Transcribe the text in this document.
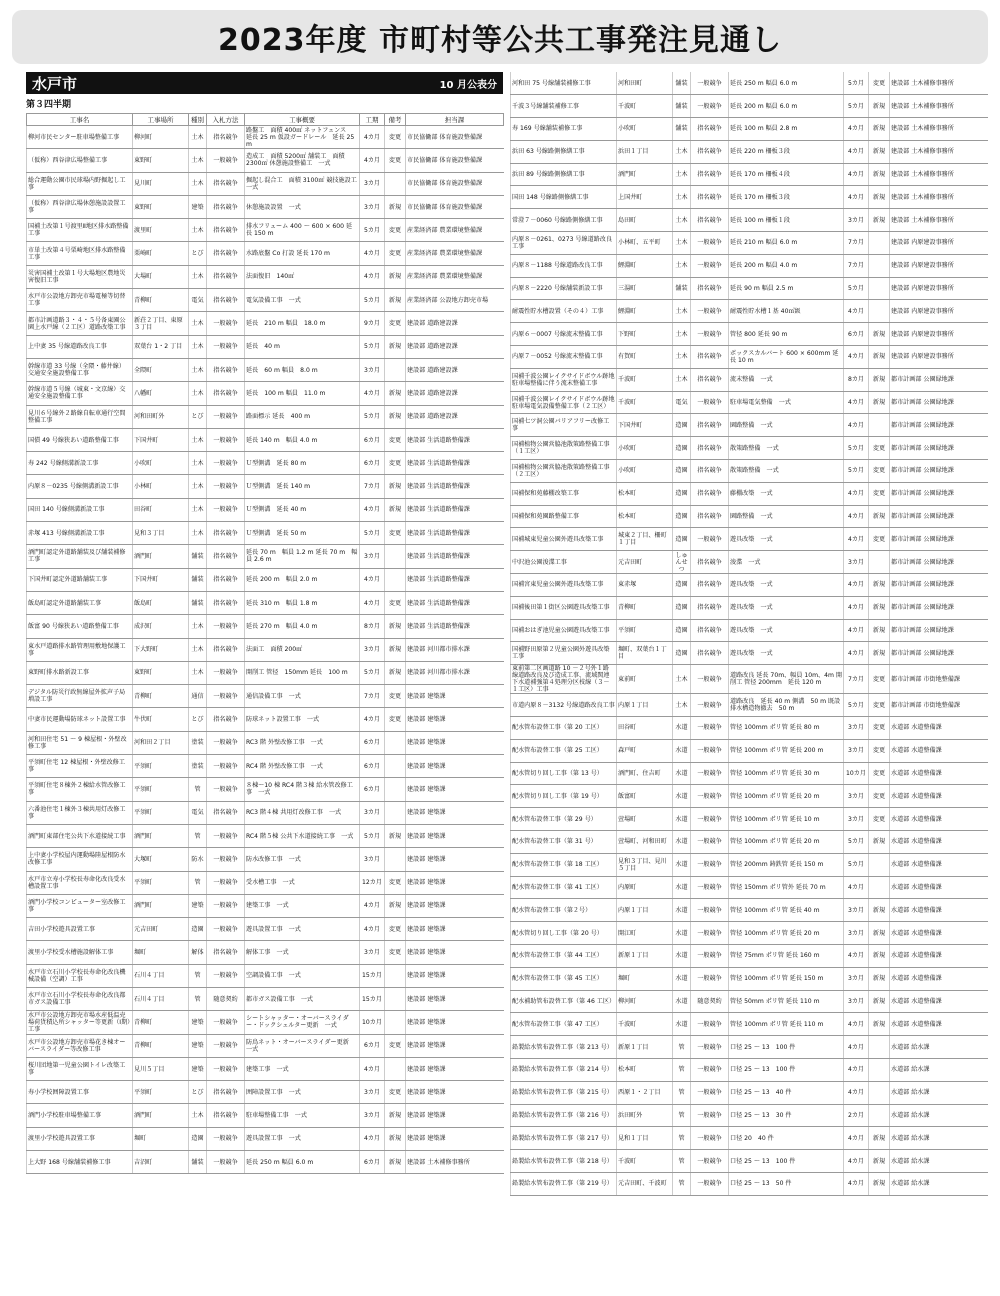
2023年度 市町村等公共工事発注見通し
水戸市	10 月公表分
第３四半期
工事名	工事場所	種別	入札方法	工事概要	工期	備考	担当課
柳河市民センター駐車場整備工事	柳河町	土木	指名競争	路盤工　面積 400㎡ ネットフェンス　延長 25 m 仮設ガードレール　延長 25 m	4カ月	変更	市民協働部 体育施設整備課
（仮称）西谷津広場整備工事	東野町	土木	一般競争	造成工　面積 5200㎡ 舗装工　面積 2300㎡ 休憩施設整備工　一式	4カ月	変更	市民協働部 体育施設整備課
総合運動公園市民球場内野掘起し工事	見川町	土木	指名競争	掘起し混合工　面積 3100㎡ 競技施設工　一式	3カ月		市民協働部 体育施設整備課
（仮称）西谷津広場休憩施設設置工事	東野町	建築	指名競争	休憩施設設置　一式	3カ月	新規	市民協働部 体育施設整備課
国補土改第１号渡里Ⅱ地区排水路整備工事	渡里町	土木	指名競争	排水フリューム 400 ～ 600 × 600 延長 150 m	5カ月	変更	産業経済部 農業環境整備課
市単土改第４号栗崎地区排水路整備工事	栗崎町	とび	指名競争	水路底盤 Co 打設 延長 170 m	4カ月	変更	産業経済部 農業環境整備課
災害国補土改第１号大場地区農地災害復旧工事	大場町	土木	指名競争	法面復旧　140㎡	4カ月	新規	産業経済部 農業環境整備課
水戸市公設地方卸売市場電極等切替工事	青柳町	電気	指名競争	電気設備工事　一式	5カ月	新規	産業経済部 公設地方卸売市場
都市計画道路３・４・５号备東園公園上水戸線（２工区）道路改築工事	新荘２丁目、東原３丁目	土木	一般競争	延長　210 m 幅員　18.0 m	9カ月	変更	建設部 道路建設課
上中妻 35 号線道路改良工事	双葉台 1・2 丁目	土木	一般競争	延長　40 m	5カ月	新規	建設部 道路建設課
幹線市道 33 号線（全隈・藤井線）交通安全施設整備工事	全隈町	土木	指名競争	延長　60 m 幅員　8.0 m	3カ月		建設部 道路建設課
幹線市道５号線（城東・文京線）交通安全施設整備工事	八幡町	土木	指名競争	延長　100 m 幅員　11.0 m	4カ月	新規	建設部 道路建設課
見川６号線外２路線自転車通行空間整備工事	河和田町外	とび	一般競争	路面標示 延長　400 m	5カ月	新規	建設部 道路建設課
国債 49 号線狭あい道路整備工事	下国井町	土木	一般競争	延長 140 m　幅員 4.0 m	6カ月	変更	建設部 生活道路整備課
寿 242 号線側溝新設工事	小吹町	土木	一般競争	Ｕ型側溝　延長 80 m	6カ月	変更	建設部 生活道路整備課
内原８－0235 号線側溝新設工事	小林町	土木	一般競争	Ｕ型側溝　延長 140 m	7カ月	新規	建設部 生活道路整備課
国田 140 号線側溝新設工事	田谷町	土木	一般競争	Ｕ型側溝　延長 40 m	4カ月	新規	建設部 生活道路整備課
赤塚 413 号線側溝新設工事	見和３丁目	土木	指名競争	Ｕ型側溝　延長 50 m	5カ月	変更	建設部 生活道路整備課
酒門町認定外道路舗装及び舗装補修工事	酒門町	舗装	指名競争	延長 70 m　幅員 1.2 m 延長 70 m　幅員 2.6 m	3カ月		建設部 生活道路整備課
下国井町認定外道路舗装工事	下国井町	舗装	指名競争	延長 200 m　幅員 2.0 m	4カ月		建設部 生活道路整備課
飯島町認定外道路舗装工事	飯島町	舗装	指名競争	延長 310 m　幅員 1.8 m	4カ月	変更	建設部 生活道路整備課
飯富 90 号線狭あい道路整備工事	成沢町	土木	一般競争	延長 270 m　幅員 4.0 m	8カ月	新規	建設部 生活道路整備課
東水戸道路排水路管理用敷地保護工事	下大野町	土木	指名競争	法面工　面積 200㎡	3カ月	新規	建設部 河川都市排水課
東野町排水路新設工事	東野町	土木	一般競争	開削工 管径　150mm 延長　100 m	5カ月	新規	建設部 河川都市排水課
デジタル防災行政無線屋外拡声子局増設工事	青柳町	通信	一般競争	通信設備工事　一式	7カ月	変更	建設部 建築課
中妻市民運動場防球ネット設置工事	牛伏町	とび	指名競争	防球ネット設置工事　一式	4カ月	変更	建設部 建築課
河和田住宅 51 ～ 9 棟屋根・外壁改修工事	河和田２丁目	塗装	一般競争	RC3 階 外壁改修工事　一式	6カ月		建設部 建築課
平須町住宅 12 棟屋根・外壁改修工事	平須町	塗装	一般競争	RC4 階 外壁改修工事　一式	6カ月		建設部 建築課
平須町住宅８棟外２棟給水管改修工事	平須町	管	一般競争	８棟～10 棟 RC4 階３棟 給水管改修工事　一式	6カ月		建設部 建築課
六番池住宅１棟外３棟共用灯改修工事	平須町	電気	指名競争	RC3 階４棟 共用灯改修工事　一式	3カ月		建設部 建築課
酒門町東部住宅公共下水道接続工事	酒門町	管	一般競争	RC4 階５棟 公共下水道接続工事　一式	5カ月	新規	建設部 建築課
上中妻小学校屋内運動場陸屋根防水改修工事	大塚町	防水	一般競争	防水改修工事　一式	3カ月		建設部 建築課
水戸市立寿小学校長寿命化改良受水槽設置工事	平須町	管	一般競争	受水槽工事　一式	12カ月	変更	建設部 建築課
酒門小学校コンピューター室改修工事	酒門町	建築	一般競争	建築工事　一式	4カ月	新規	建設部 建築課
吉田小学校遊具設置工事	元吉田町	造園	一般競争	遊具設置工事　一式	4カ月	変更	建設部 建築課
渡里小学校受水槽施設解体工事	堀町	解体	指名競争	解体工事　一式	3カ月	変更	建設部 建築課
水戸市立石川小学校長寿命化改良機械設備（空調）工事	石川４丁目	管	一般競争	空調設備工事　一式	15カ月		建設部 建築課
水戸市立石川小学校長寿命化改良都市ガス設備工事	石川４丁目	管	随意契約	都市ガス設備工事　一式	15カ月		建設部 建築課
水戸市公設地方卸売市場水産低温売場荷貨積込所シャッター等更新（Ⅰ期）工事	青柳町	建築	一般競争	シートシャッター・オーバースライダー・ドックシェルター更新　一式	10カ月		建設部 建築課
水戸市公設地方卸売市場花き棟オーバースライダー等改修工事	青柳町	建築	一般競争	防鳥ネット・オーバースライダー更新　一式	6カ月	変更	建設部 建築課
桜川団地第一児童公園トイレ改築工事	見川５丁目	建築	一般競争	建築工事　一式	4カ月		建設部 建築課
寿小学校囲障設置工事	平須町	とび	指名競争	囲障設置工事　一式	3カ月	変更	建設部 建築課
酒門小学校駐車場整備工事	酒門町	土木	指名競争	駐車場整備工事　一式	3カ月	新規	建設部 建築課
渡里小学校遊具設置工事	堀町	造園	一般競争	遊具設置工事　一式	4カ月	新規	建設部 建築課
上大野 168 号線舗装補修工事	吉沼町	舗装	一般競争	延長 250 m 幅員 6.0 m	6カ月	新規	建設部 土木補修事務所
河和田 75 号線舗装補修工事	河和田町	舗装	一般競争	延長 250 m 幅員 6.0 m	5カ月	変更	建設部 土木補修事務所
千波３号線舗装補修工事	千波町	舗装	一般競争	延長 200 m 幅員 6.0 m	5カ月	新規	建設部 土木補修事務所
寿 169 号線舗装補修工事	小吹町	舗装	指名競争	延長 100 m 幅員 2.8 m	4カ月	新規	建設部 土木補修事務所
浜田 63 号線路側修繕工事	浜田１丁目	土木	指名競争	延長 220 m 柵板３段	4カ月	新規	建設部 土木補修事務所
浜田 89 号線路側修繕工事	酒門町	土木	指名競争	延長 170 m 柵板４段	4カ月	新規	建設部 土木補修事務所
国田 148 号線路側修繕工事	上国井町	土木	指名競争	延長 170 m 柵板３段	4カ月	新規	建設部 土木補修事務所
常澄７－0060 号線路側修繕工事	島田町	土木	指名競争	延長 100 m 柵板１段	3カ月	新規	建設部 土木補修事務所
内原８－0261、0273 号線道路改良工事	小林町、五平町	土木	一般競争	延長 210 m 幅員 6.0 m	7カ月		建設部 内原建設事務所
内原８－1188 号線道路改良工事	鯉淵町	土木	一般競争	延長 200 m 幅員 4.0 m	7カ月		建設部 内原建設事務所
内原８－2220 号線舗装新設工事	三湯町	舗装	指名競争	延長 90 m 幅員 2.5 m	5カ月		建設部 内原建設事務所
耐震性貯水槽設置（その４）工事	鯉淵町	土木	一般競争	耐震性貯水槽１基 40㎥級	4カ月		建設部 内原建設事務所
内原６－0007 号線流末整備工事	下野町	土木	一般競争	管径 800 延長 90 m	6カ月	新規	建設部 内原建設事務所
内原７－0052 号線流末整備工事	有賀町	土木	指名競争	ボックスカルバート 600 × 600mm 延長 10 m	4カ月	新規	建設部 内原建設事務所
国補千波公園レイクサイドボウル跡地駐車場整備に伴う流末整備工事	千波町	土木	指名競争	流末整備　一式	8カ月	新規	都市計画部 公園緑地課
国補千波公園レイクサイドボウル跡地駐車場電気設備整備工事（２工区）	千波町	電気	一般競争	駐車場電気整備　一式	4カ月	新規	都市計画部 公園緑地課
国補七ツ洞公園バリアフリー改修工事	下国井町	造園	指名競争	園路整備　一式	4カ月		都市計画部 公園緑地課
国補植物公園営脇池散策路整備工事（１工区）	小吹町	造園	指名競争	散策路整備　一式	5カ月	変更	都市計画部 公園緑地課
国補植物公園営脇池散策路整備工事（２工区）	小吹町	造園	指名競争	散策路整備　一式	5カ月	変更	都市計画部 公園緑地課
国補保和苑藤棚改築工事	松本町	造園	指名競争	藤棚改築　一式	4カ月	変更	都市計画部 公園緑地課
国補保和苑園路整備工事	松本町	造園	指名競争	園路整備　一式	4カ月	新規	都市計画部 公園緑地課
国補城東児童公園外遊具改築工事	城東２丁目、柵町１丁目	造園	一般競争	遊具改築　一式	4カ月	変更	都市計画部 公園緑地課
中沢池公園浚渫工事	元吉田町	しゅんせつ	指名競争	浚渫　一式	3カ月		都市計画部 公園緑地課
国補宮東児童公園外遊具改築工事	東赤塚	造園	指名競争	遊具改築　一式	4カ月	新規	都市計画部 公園緑地課
国補後田第１街区公園遊具改築工事	青柳町	造園	指名競争	遊具改築　一式	4カ月	新規	都市計画部 公園緑地課
国補おはぎ池児童公園遊具改築工事	平須町	造園	指名競争	遊具改築　一式	4カ月	新規	都市計画部 公園緑地課
国補野田原第２児童公園外遊具改築工事	堀町、双葉台１丁目	造園	指名競争	遊具改築　一式	4カ月	新規	都市計画部 公園緑地課
東前第二区画道路 10 －２号外１路線道路改良及び造成工事、流域関連下水道補強第４処理分区枝線（３－１工区）工事	東前町	土木	一般競争	道路改良 延長 70m、幅員 10m、4m 開削工 管径 200mm　延長 120 m	7カ月	変更	都市計画部 市街地整備課
市道内原８－3132 号線道路改良工事	内原１丁目	土木	一般競争	道路改良　延長 40 m 側溝　50 m 既設排水構造物撤去　50 m	5カ月	変更	都市計画部 市街地整備課
配水管布設替工事（第 20 工区）	田谷町	水道	一般競争	管径 100mm ポリ管 延長 80 m	3カ月	変更	水道部 水道整備課
配水管布設替工事（第 25 工区）	森戸町	水道	一般競争	管径 100mm ポリ管 延長 200 m	3カ月	変更	水道部 水道整備課
配水管切り回し工事（第 13 号）	酒門町、住吉町	水道	一般競争	管径 100mm ポリ管 延長 30 m	10カ月	変更	水道部 水道整備課
配水管切り回し工事（第 19 号）	飯富町	水道	一般競争	管径 100mm ポリ管 延長 20 m	3カ月	変更	水道部 水道整備課
配水管布設替工事（第 29 号）	萱場町	水道	一般競争	管径 100mm ポリ管 延長 10 m	3カ月	変更	水道部 水道整備課
配水管布設替工事（第 31 号）	萱場町、河和田町	水道	一般競争	管径 100mm ポリ管 延長 20 m	5カ月	新規	水道部 水道整備課
配水管布設替工事（第 18 工区）	見和３丁目、見川５丁目	水道	一般競争	管径 200mm 鋳鉄管 延長 150 m	5カ月		水道部 水道整備課
配水管布設替工事（第 41 工区）	内原町	水道	一般競争	管径 150mm ポリ管外 延長 70 m	4カ月		水道部 水道整備課
配水管布設替工事（第２号）	内原１丁目	水道	一般競争	管径 100mm ポリ管 延長 40 m	3カ月	新規	水道部 水道整備課
配水管切り回し工事（第 20 号）	開江町	水道	一般競争	管径 100mm ポリ管 延長 20 m	3カ月	新規	水道部 水道整備課
配水管布設替工事（第 44 工区）	新原１丁目	水道	一般競争	管径 75mm ポリ管 延長 160 m	4カ月	新規	水道部 水道整備課
配水管布設替工事（第 45 工区）	堀町	水道	一般競争	管径 100mm ポリ管 延長 150 m	3カ月	新規	水道部 水道整備課
配水補助管布設替工事（第 46 工区）	柳河町	水道	随意契約	管径 50mm ポリ管 延長 110 m	3カ月	新規	水道部 水道整備課
配水管布設替工事（第 47 工区）	千波町	水道	一般競争	管径 100mm ポリ管 延長 110 m	4カ月	新規	水道部 水道整備課
鉛製給水管布設替工事（第 213 号）	新原１丁目	管	一般競争	口径 25 ～ 13　100 件	4カ月		水道部 給水課
鉛製給水管布設替工事（第 214 号）	松本町	管	一般競争	口径 25 ～ 13　100 件	4カ月		水道部 給水課
鉛製給水管布設替工事（第 215 号）	西原１・２丁目	管	一般競争	口径 25 ～ 13　40 件	4カ月		水道部 給水課
鉛製給水管布設替工事（第 216 号）	浜田町外	管	一般競争	口径 25 ～ 13　30 件	2カ月		水道部 給水課
鉛製給水管布設替工事（第 217 号）	見和１丁目	管	一般競争	口径 20　40 件	4カ月	新規	水道部 給水課
鉛製給水管布設替工事（第 218 号）	千波町	管	一般競争	口径 25 ～ 13　100 件	4カ月	新規	水道部 給水課
鉛製給水管布設替工事（第 219 号）	元吉田町、千波町	管	一般競争	口径 25 ～ 13　50 件	4カ月	新規	水道部 給水課
